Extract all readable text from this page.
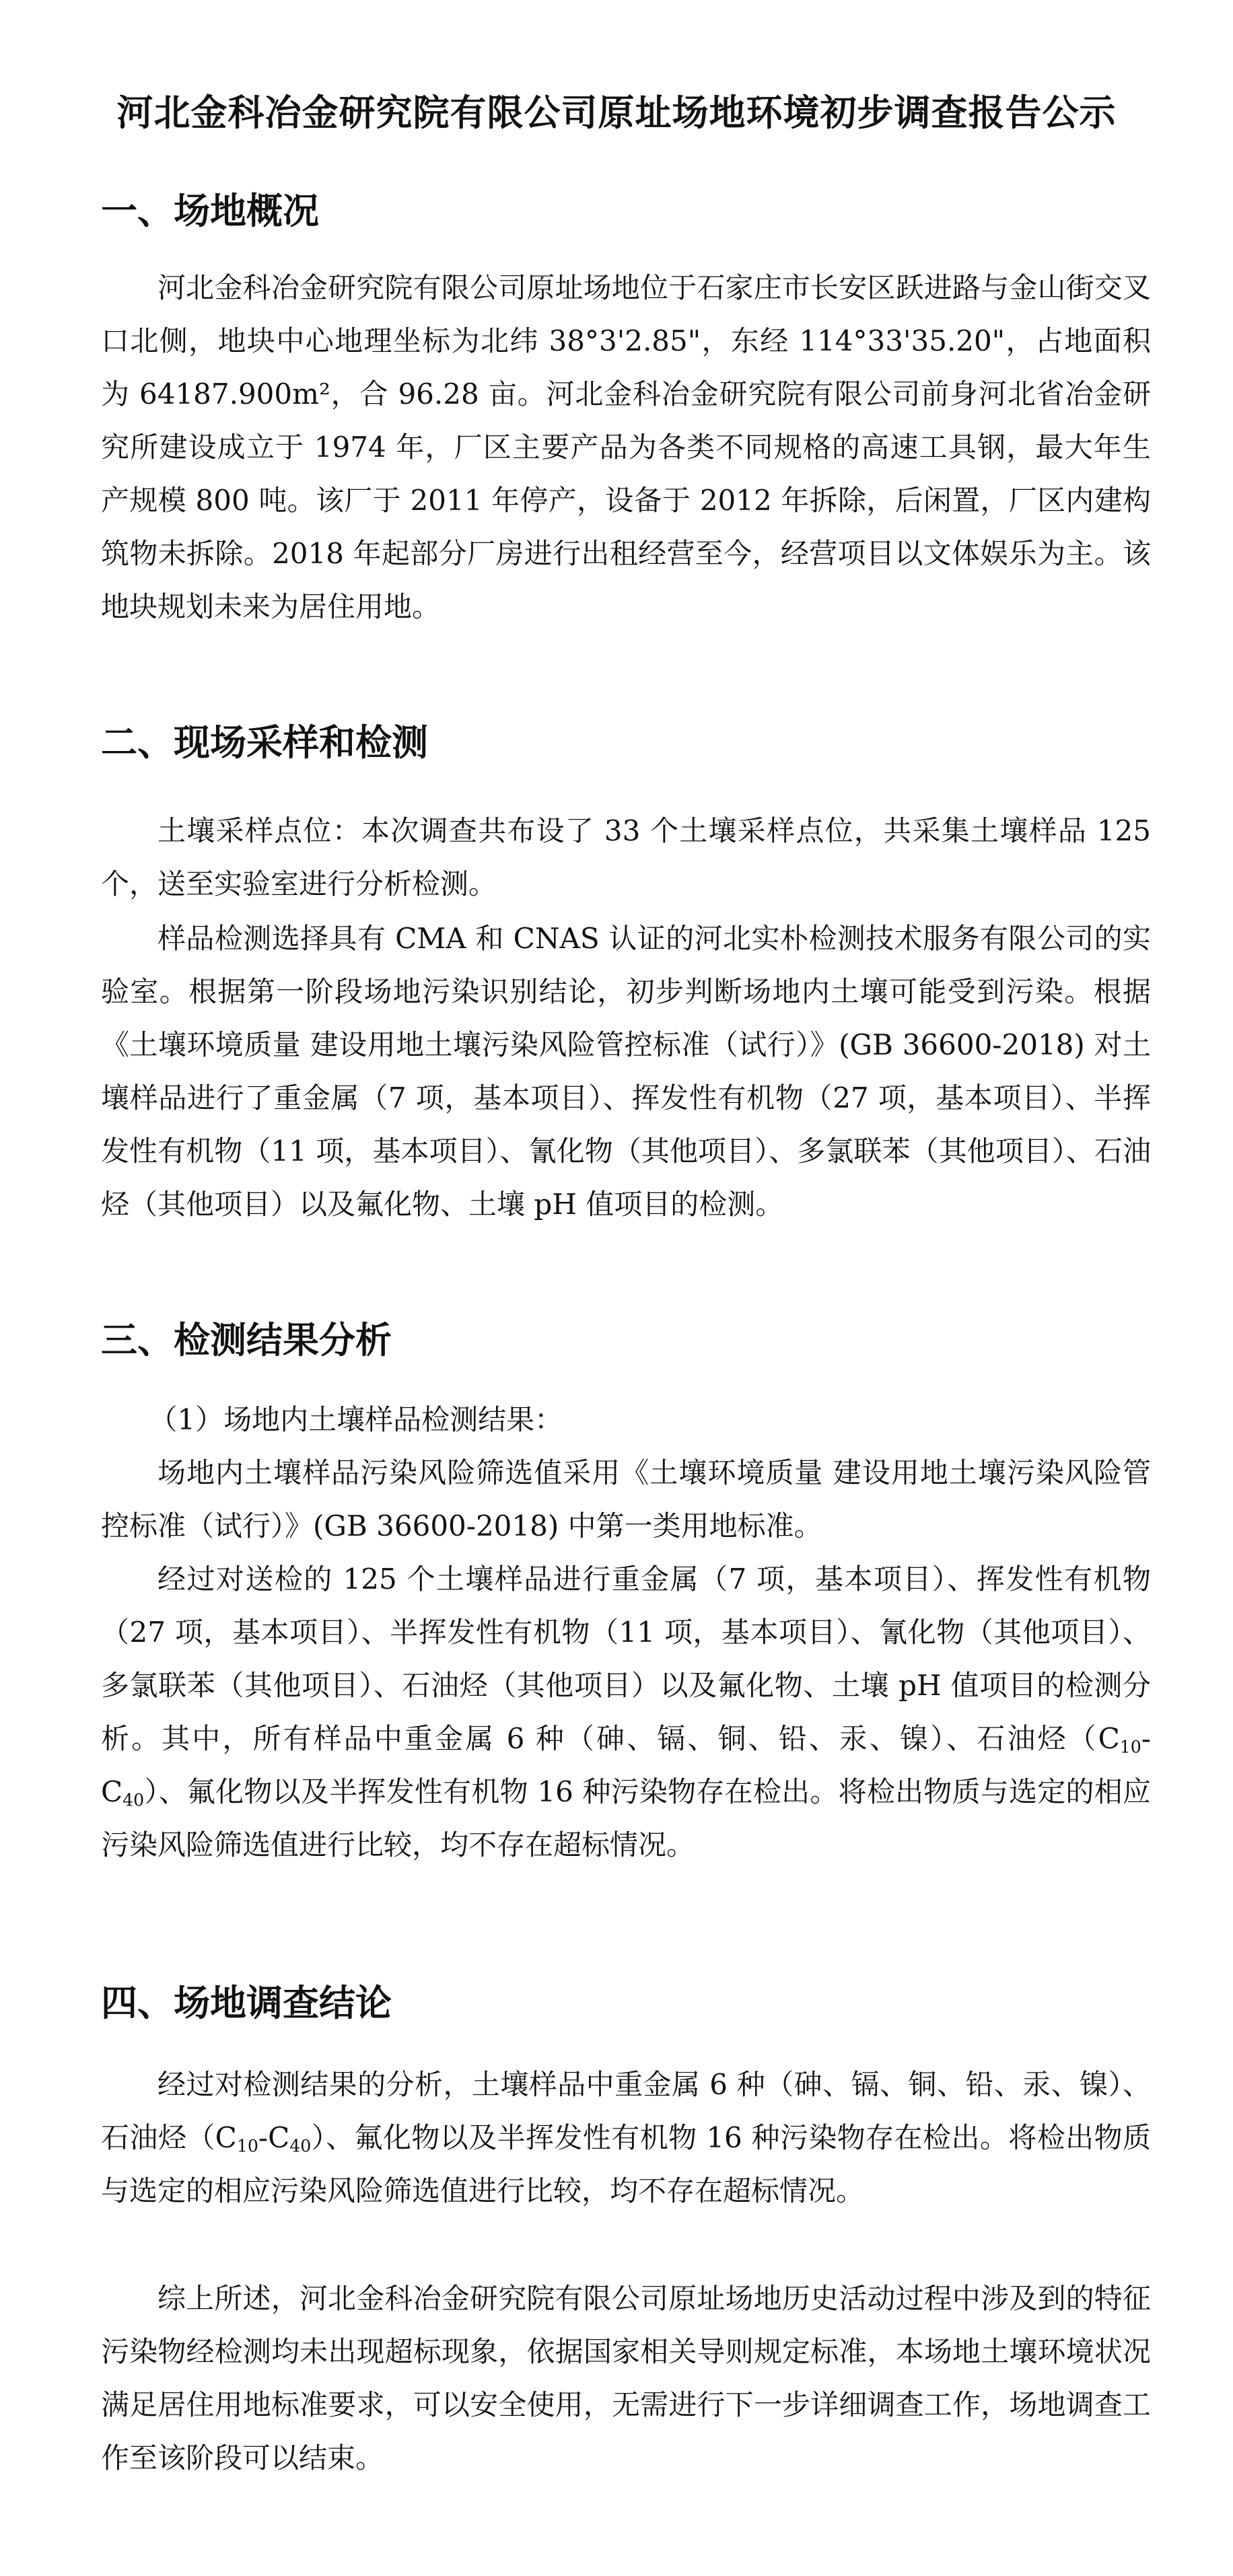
河北金科冶金研究院有限公司原址场地环境初步调查报告公示
一、场地概况
河北金科冶金研究院有限公司原址场地位于石家庄市长安区跃进路与金山街交叉口北侧，地块中心地理坐标为北纬 38°3'2.85"，东经 114°33'35.20"，占地面积为 64187.900m²，合 96.28 亩。河北金科冶金研究院有限公司前身河北省冶金研究所建设成立于 1974 年，厂区主要产品为各类不同规格的高速工具钢，最大年生产规模 800 吨。该厂于 2011 年停产，设备于 2012 年拆除，后闲置，厂区内建构筑物未拆除。2018 年起部分厂房进行出租经营至今，经营项目以文体娱乐为主。该地块规划未来为居住用地。
二、现场采样和检测
土壤采样点位：本次调查共布设了 33 个土壤采样点位，共采集土壤样品 125 个，送至实验室进行分析检测。
样品检测选择具有 CMA 和 CNAS 认证的河北实朴检测技术服务有限公司的实验室。根据第一阶段场地污染识别结论，初步判断场地内土壤可能受到污染。根据《土壤环境质量 建设用地土壤污染风险管控标准（试行）》(GB 36600-2018) 对土壤样品进行了重金属（7 项，基本项目）、挥发性有机物（27 项，基本项目）、半挥发性有机物（11 项，基本项目）、氰化物（其他项目）、多氯联苯（其他项目）、石油烃（其他项目）以及氟化物、土壤 pH 值项目的检测。
三、检测结果分析
（1）场地内土壤样品检测结果：
场地内土壤样品污染风险筛选值采用《土壤环境质量 建设用地土壤污染风险管控标准（试行）》(GB 36600-2018) 中第一类用地标准。
经过对送检的 125 个土壤样品进行重金属（7 项，基本项目）、挥发性有机物（27 项，基本项目）、半挥发性有机物（11 项，基本项目）、氰化物（其他项目）、多氯联苯（其他项目）、石油烃（其他项目）以及氟化物、土壤 pH 值项目的检测分析。其中，所有样品中重金属 6 种（砷、镉、铜、铅、汞、镍）、石油烃$(C_{10}-C_{40})$、氟化物以及半挥发性有机物 16 种污染物存在检出。将检出物质与选定的相应污染风险筛选值进行比较，均不存在超标情况。
四、场地调查结论
经过对检测结果的分析，土壤样品中重金属 6 种（砷、镉、铜、铅、汞、镍）、石油烃$(C_{10}-C_{40})$、氟化物以及半挥发性有机物 16 种污染物存在检出。将检出物质与选定的相应污染风险筛选值进行比较，均不存在超标情况。
综上所述，河北金科冶金研究院有限公司原址场地历史活动过程中涉及到的特征污染物经检测均未出现超标现象，依据国家相关导则规定标准，本场地土壤环境状况满足居住用地标准要求，可以安全使用，无需进行下一步详细调查工作，场地调查工作至该阶段可以结束。
